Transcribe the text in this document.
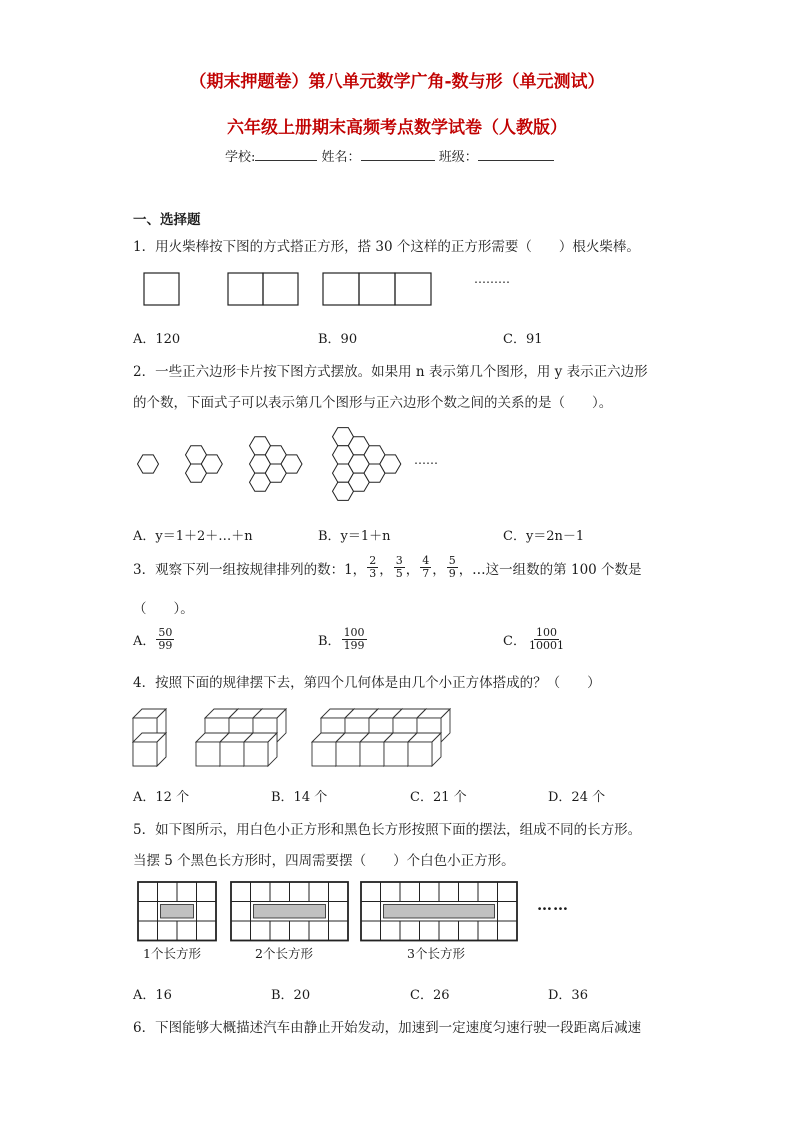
（期末押题卷）第八单元数学广角-数与形（单元测试）
六年级上册期末高频考点数学试卷（人教版）
学校:	姓名：	班级：
一、选择题
1．用火柴棒按下图的方式搭正方形，搭 30 个这样的正方形需要（　　）根火柴棒。
………
A．120	B．90	C．91
2．一些正六边形卡片按下图方式摆放。如果用 n 表示第几个图形，用 y 表示正六边形
的个数，下面式子可以表示第几个图形与正六边形个数之间的关系的是（　　）。
……
A．y＝1＋2＋…＋n	B．y＝1＋n	C．y＝2n－1
3．观察下列一组按规律排列的数：1， $\frac{2}{3}$ ， $\frac{3}{5}$ ， $\frac{4}{7}$ ， $\frac{5}{9}$ ，…这一组数的第 100 个数是
（　　）。
A． $\frac{50}{99}$	B． $\frac{100}{199}$	C． $\frac{100}{10001}$
4．按照下面的规律摆下去，第四个几何体是由几个小正方体搭成的？（　　）
A．12 个	B．14 个	C．21 个	D．24 个
5．如下图所示，用白色小正方形和黑色长方形按照下面的摆法，组成不同的长方形。
当摆 5 个黑色长方形时，四周需要摆（　　）个白色小正方形。
1个长方形	2个长方形	3个长方形
……
A．16	B．20	C．26	D．36
6．下图能够大概描述汽车由静止开始发动，加速到一定速度匀速行驶一段距离后减速
